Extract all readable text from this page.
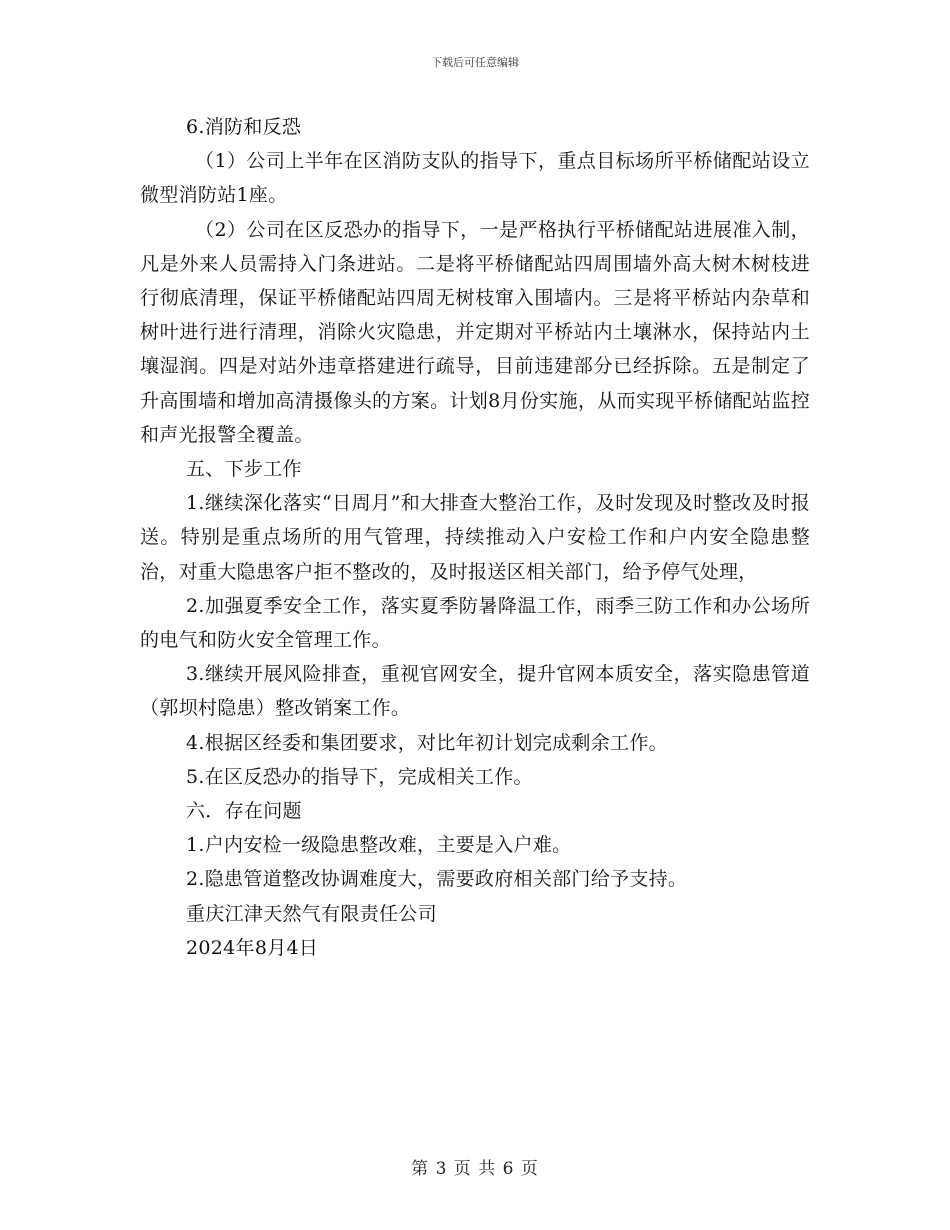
下载后可任意编辑

6.消防和反恐

（1）公司上半年在区消防支队的指导下，重点目标场所平桥储配站设立微型消防站1座。

（2）公司在区反恐办的指导下，一是严格执行平桥储配站进展准入制，凡是外来人员需持入门条进站。二是将平桥储配站四周围墙外高大树木树枝进行彻底清理，保证平桥储配站四周无树枝窜入围墙内。三是将平桥站内杂草和树叶进行进行清理，消除火灾隐患，并定期对平桥站内土壤淋水，保持站内土壤湿润。四是对站外违章搭建进行疏导，目前违建部分已经拆除。五是制定了升高围墙和增加高清摄像头的方案。计划8月份实施，从而实现平桥储配站监控和声光报警全覆盖。

五、下步工作

1.继续深化落实“日周月”和大排查大整治工作，及时发现及时整改及时报送。特别是重点场所的用气管理，持续推动入户安检工作和户内安全隐患整治，对重大隐患客户拒不整改的，及时报送区相关部门，给予停气处理，

2.加强夏季安全工作，落实夏季防暑降温工作，雨季三防工作和办公场所的电气和防火安全管理工作。

3.继续开展风险排查，重视官网安全，提升官网本质安全，落实隐患管道（郭坝村隐患）整改销案工作。

4.根据区经委和集团要求，对比年初计划完成剩余工作。

5.在区反恐办的指导下，完成相关工作。

六．存在问题

1.户内安检一级隐患整改难，主要是入户难。

2.隐患管道整改协调难度大，需要政府相关部门给予支持。

重庆江津天然气有限责任公司

2024年8月4日

第 3 页 共 6 页
